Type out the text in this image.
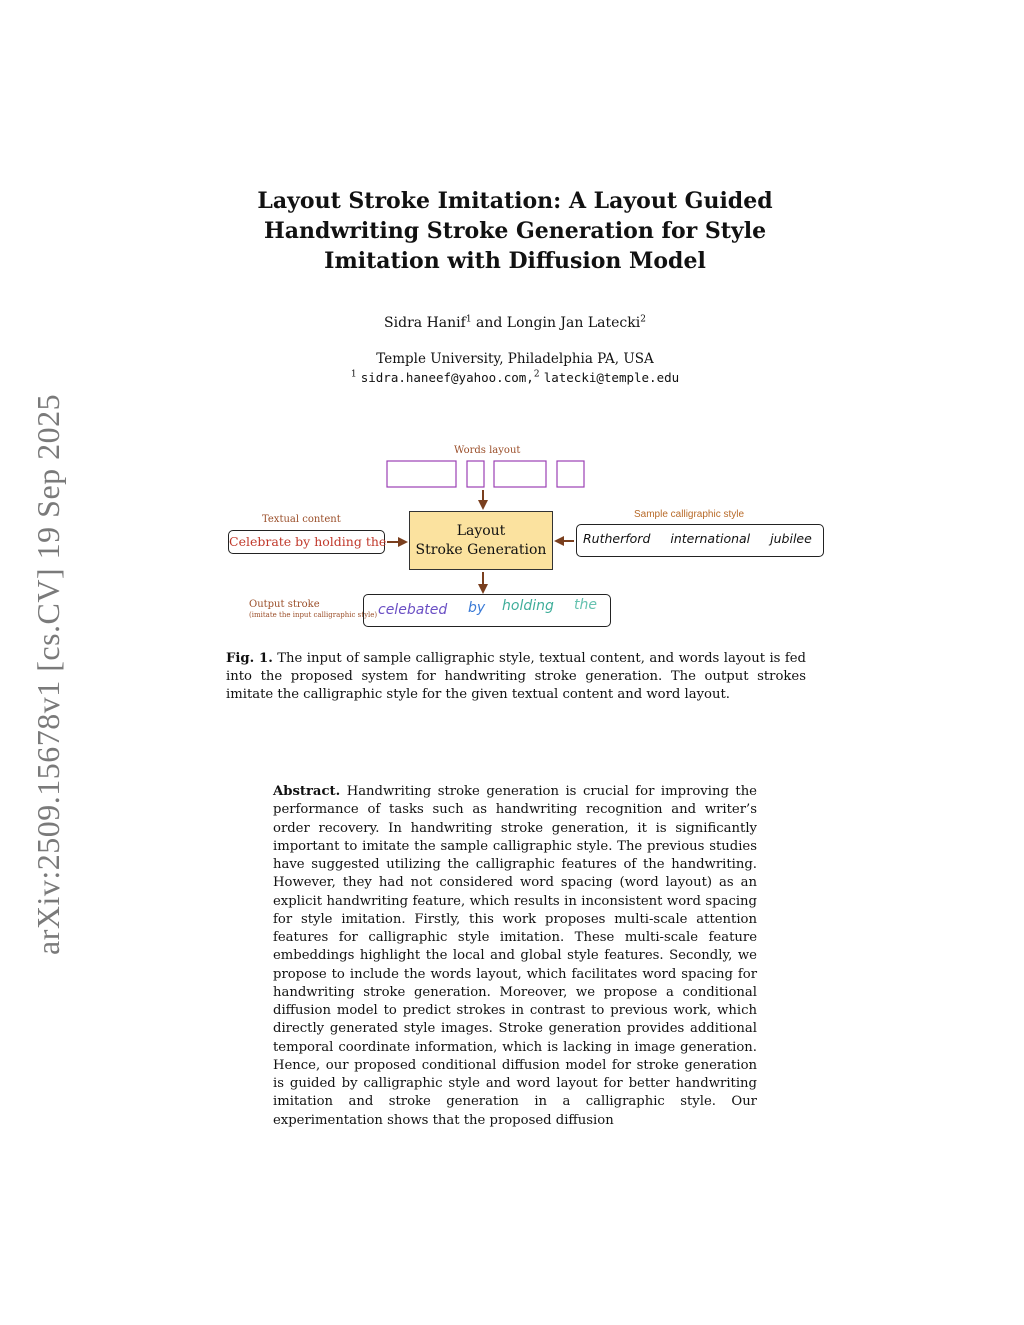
arXiv:2509.15678v1 [cs.CV] 19 Sep 2025
Layout Stroke Imitation: A Layout Guided
Handwriting Stroke Generation for Style
Imitation with Diffusion Model
Sidra Hanif$^1$ and Longin Jan Latecki$^2$
Temple University, Philadelphia PA, USA
$^1$ sidra.haneef@yahoo.com,$^2$ latecki@temple.edu
Words layout
Textual content	Sample calligraphic style
Celebrate by holding the
Layout
Stroke Generation
Rutherford international jubilee
Output stroke
(imitate the input calligraphic style) celebated by holding the
Fig. 1. The input of sample calligraphic style, textual content, and words layout is fed into the proposed system for handwriting stroke generation. The output strokes imitate the calligraphic style for the given textual content and word layout.
Abstract. Handwriting stroke generation is crucial for improving the performance of tasks such as handwriting recognition and writer’s order recovery. In handwriting stroke generation, it is significantly important to imitate the sample calligraphic style. The previous studies have suggested utilizing the calligraphic features of the handwriting. However, they had not considered word spacing (word layout) as an explicit handwriting feature, which results in inconsistent word spacing for style imitation. Firstly, this work proposes multi-scale attention features for calligraphic style imitation. These multi-scale feature embeddings highlight the local and global style features. Secondly, we propose to include the words layout, which facilitates word spacing for handwriting stroke generation. Moreover, we propose a conditional diffusion model to predict strokes in contrast to previous work, which directly generated style images. Stroke generation provides additional temporal coordinate information, which is lacking in image generation. Hence, our proposed conditional diffusion model for stroke generation is guided by calligraphic style and word layout for better handwriting imitation and stroke generation in a calligraphic style. Our experimentation shows that the proposed diffusion
